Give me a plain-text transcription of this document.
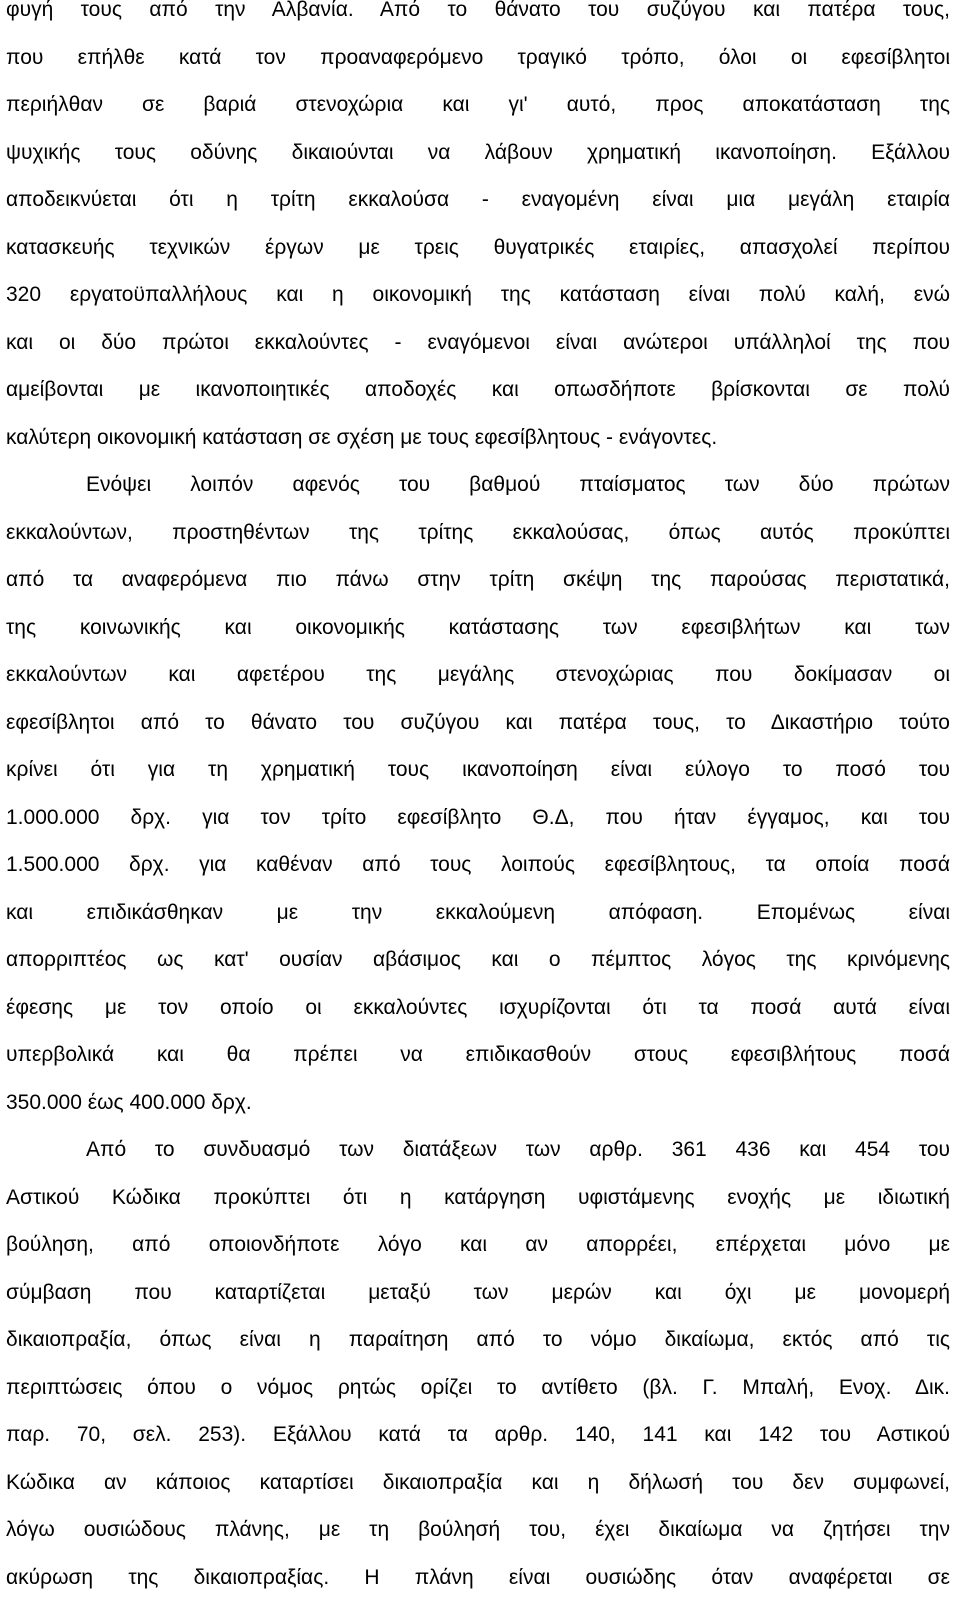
φυγή τους από την Αλβανία. Από το θάνατο του συζύγου και πατέρα τους,
που επήλθε κατά τον προαναφερόμενο τραγικό τρόπο, όλοι οι εφεσίβλητοι
περιήλθαν σε βαριά στενοχώρια και γι' αυτό, προς αποκατάσταση της
ψυχικής τους οδύνης δικαιούνται να λάβουν χρηματική ικανοποίηση. Εξάλλου
αποδεικνύεται ότι η τρίτη εκκαλούσα - εναγομένη είναι μια μεγάλη εταιρία
κατασκευής τεχνικών έργων με τρεις θυγατρικές εταιρίες, απασχολεί περίπου
320 εργατοϋπαλλήλους και η οικονομική της κατάσταση είναι πολύ καλή, ενώ
και οι δύο πρώτοι εκκαλούντες - εναγόμενοι είναι ανώτεροι υπάλληλοί της που
αμείβονται με ικανοποιητικές αποδοχές και οπωσδήποτε βρίσκονται σε πολύ
καλύτερη οικονομική κατάσταση σε σχέση με τους εφεσίβλητους - ενάγοντες.
Ενόψει λοιπόν αφενός του βαθμού πταίσματος των δύο πρώτων
εκκαλούντων, προστηθέντων της τρίτης εκκαλούσας, όπως αυτός προκύπτει
από τα αναφερόμενα πιο πάνω στην τρίτη σκέψη της παρούσας περιστατικά,
της κοινωνικής και οικονομικής κατάστασης των εφεσιβλήτων και των
εκκαλούντων και αφετέρου της μεγάλης στενοχώριας που δοκίμασαν οι
εφεσίβλητοι από το θάνατο του συζύγου και πατέρα τους, το Δικαστήριο τούτο
κρίνει ότι για τη χρηματική τους ικανοποίηση είναι εύλογο το ποσό του
1.000.000 δρχ. για τον τρίτο εφεσίβλητο Θ.Δ, που ήταν έγγαμος, και του
1.500.000 δρχ. για καθέναν από τους λοιπούς εφεσίβλητους, τα οποία ποσά
και επιδικάσθηκαν με την εκκαλούμενη απόφαση. Επομένως είναι
απορριπτέος ως κατ' ουσίαν αβάσιμος και ο πέμπτος λόγος της κρινόμενης
έφεσης με τον οποίο οι εκκαλούντες ισχυρίζονται ότι τα ποσά αυτά είναι
υπερβολικά και θα πρέπει να επιδικασθούν στους εφεσιβλήτους ποσά
350.000 έως 400.000 δρχ.
Από το συνδυασμό των διατάξεων των αρθρ. 361 436 και 454 του
Αστικού Κώδικα προκύπτει ότι η κατάργηση υφιστάμενης ενοχής με ιδιωτική
βούληση, από οποιονδήποτε λόγο και αν απορρέει, επέρχεται μόνο με
σύμβαση που καταρτίζεται μεταξύ των μερών και όχι με μονομερή
δικαιοπραξία, όπως είναι η παραίτηση από το νόμο δικαίωμα, εκτός από τις
περιπτώσεις όπου ο νόμος ρητώς ορίζει το αντίθετο (βλ. Γ. Μπαλή, Ενοχ. Δικ.
παρ. 70, σελ. 253). Εξάλλου κατά τα αρθρ. 140, 141 και 142 του Αστικού
Κώδικα αν κάποιος καταρτίσει δικαιοπραξία και η δήλωσή του δεν συμφωνεί,
λόγω ουσιώδους πλάνης, με τη βούλησή του, έχει δικαίωμα να ζητήσει την
ακύρωση της δικαιοπραξίας. Η πλάνη είναι ουσιώδης όταν αναφέρεται σε
